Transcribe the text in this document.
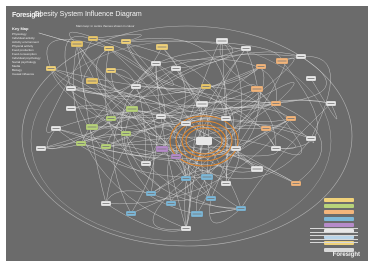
Foresight
Obesity System Influence Diagram
Key Map	Main loop: in centre themes shown in colour
Physiology
Individual activity
Activity environment
Physical activity
Food production
Food consumption
Individual psychology
Social psychology
Media
Biology
Causal influence
Foresight
